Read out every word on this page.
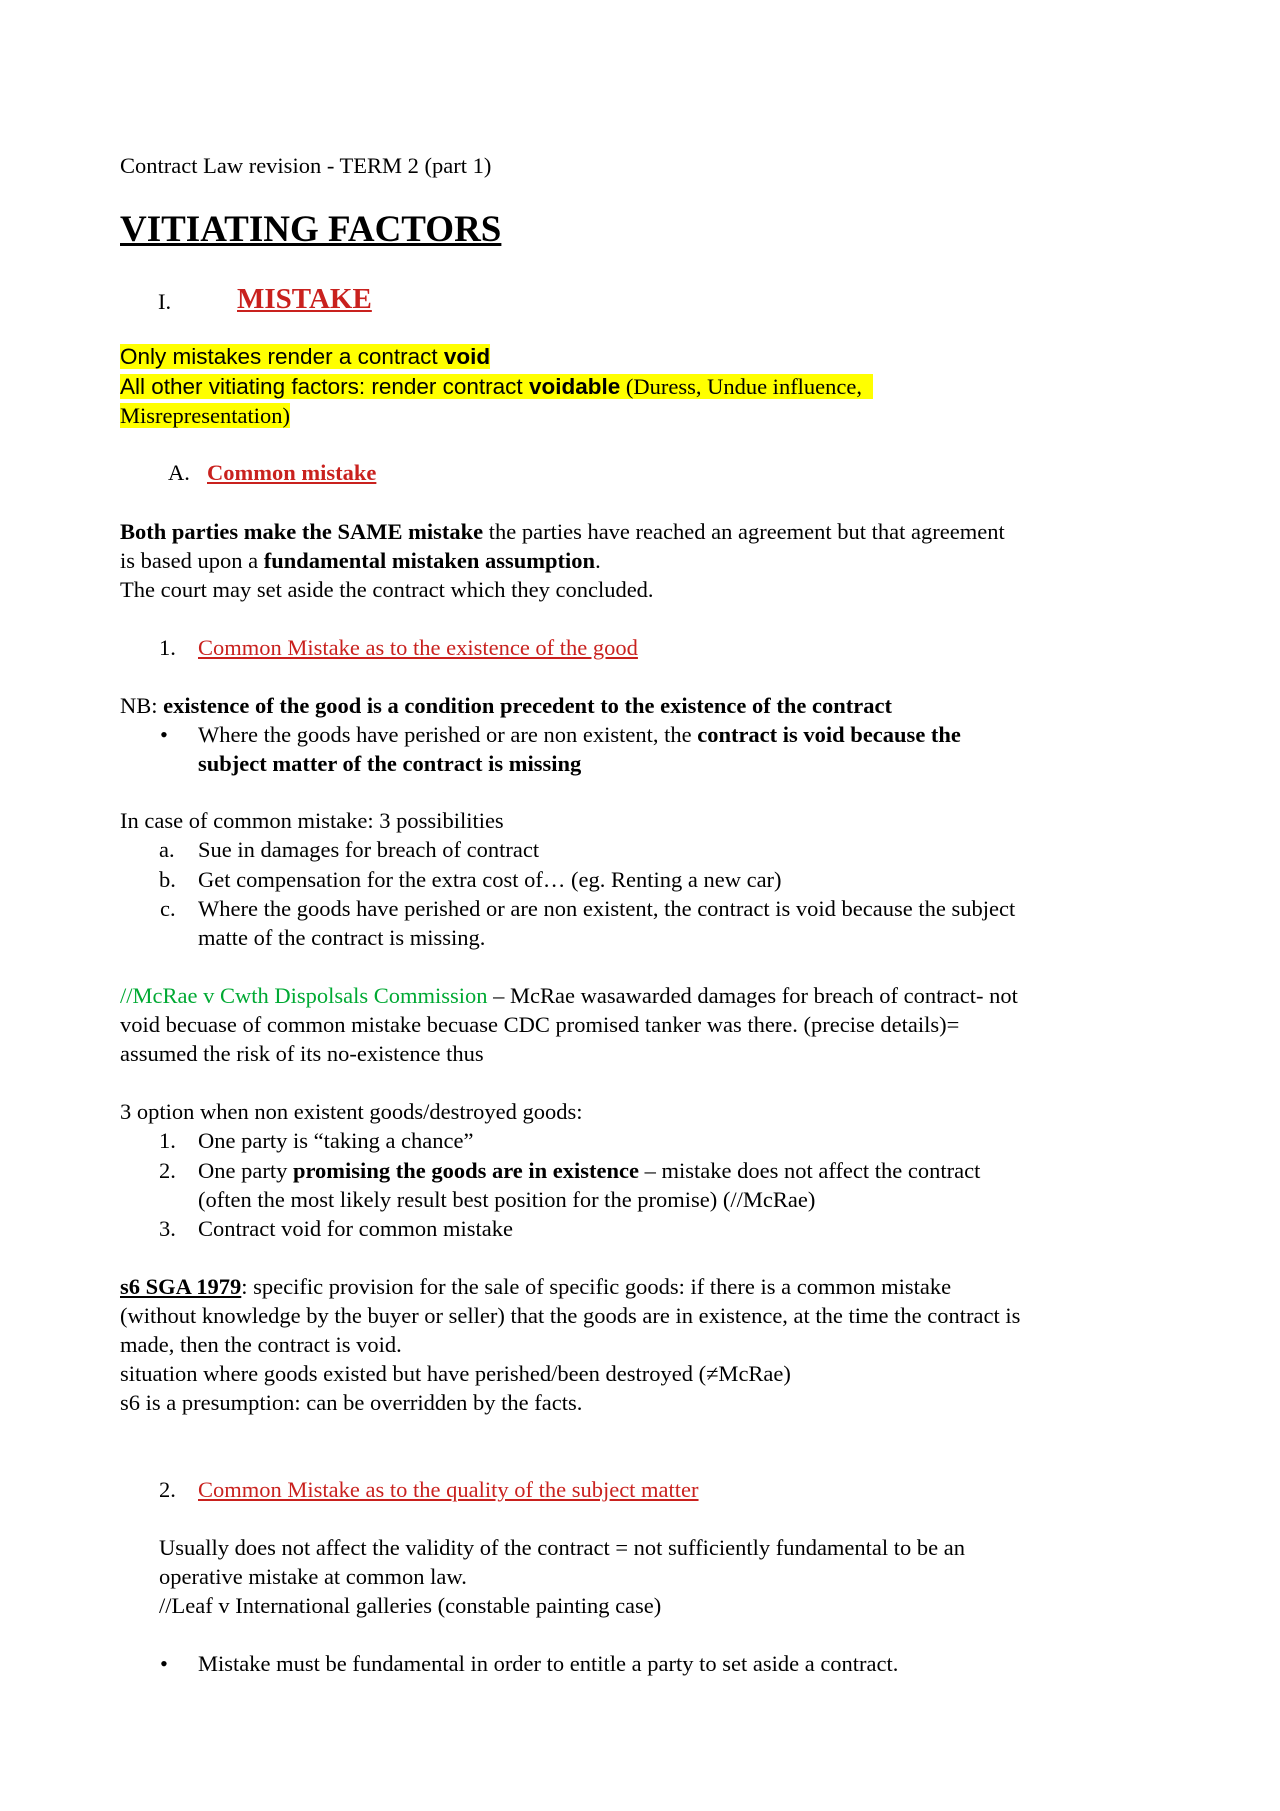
Contract Law revision - TERM 2 (part 1)
VITIATING FACTORS
I. MISTAKE
Only mistakes render a contract void
All other vitiating factors: render contract voidable (Duress, Undue influence,
Misrepresentation)
A. Common mistake
Both parties make the SAME mistake the parties have reached an agreement but that agreement
is based upon a fundamental mistaken assumption.
The court may set aside the contract which they concluded.
1. Common Mistake as to the existence of the good
NB: existence of the good is a condition precedent to the existence of the contract
• Where the goods have perished or are non existent, the contract is void because the
subject matter of the contract is missing
In case of common mistake: 3 possibilities
a. Sue in damages for breach of contract
b. Get compensation for the extra cost of… (eg. Renting a new car)
c. Where the goods have perished or are non existent, the contract is void because the subject
matte of the contract is missing.
//McRae v Cwth Dispolsals Commission – McRae wasawarded damages for breach of contract- not
void becuase of common mistake becuase CDC promised tanker was there. (precise details)=
assumed the risk of its no-existence thus
3 option when non existent goods/destroyed goods:
1. One party is “taking a chance”
2. One party promising the goods are in existence – mistake does not affect the contract
(often the most likely result best position for the promise) (//McRae)
3. Contract void for common mistake
s6 SGA 1979: specific provision for the sale of specific goods: if there is a common mistake
(without knowledge by the buyer or seller) that the goods are in existence, at the time the contract is
made, then the contract is void.
situation where goods existed but have perished/been destroyed (≠McRae)
s6 is a presumption: can be overridden by the facts.
2. Common Mistake as to the quality of the subject matter
Usually does not affect the validity of the contract = not sufficiently fundamental to be an
operative mistake at common law.
//Leaf v International galleries (constable painting case)
• Mistake must be fundamental in order to entitle a party to set aside a contract.
